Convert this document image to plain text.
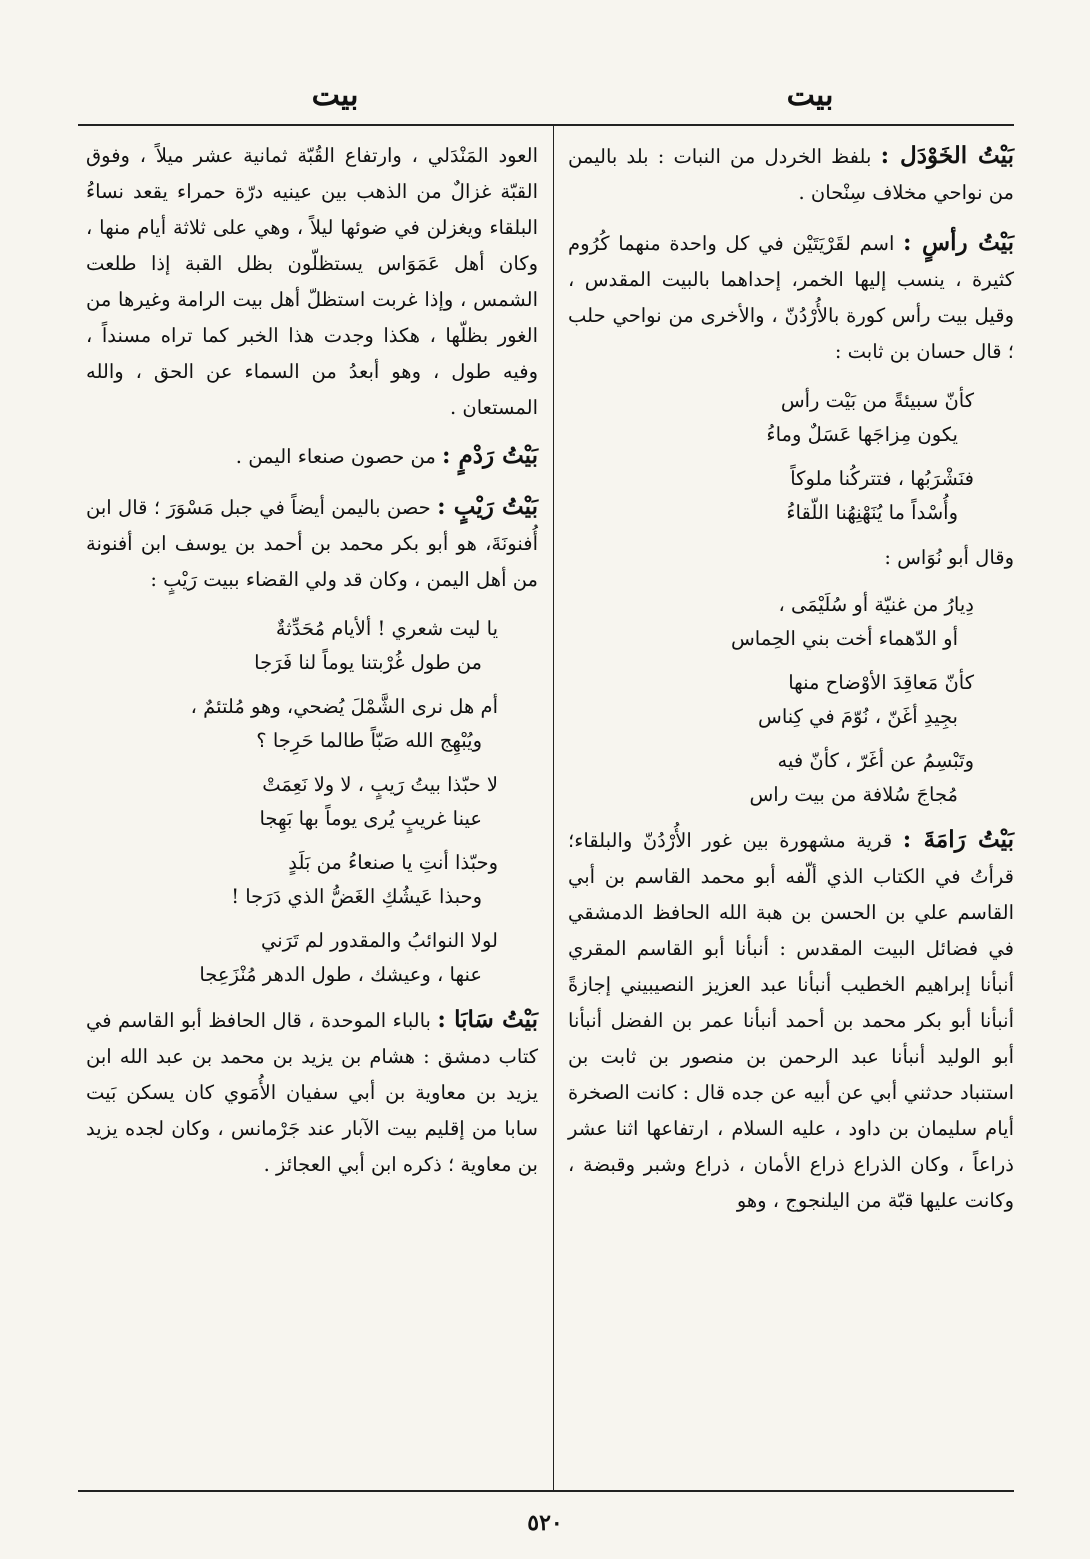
بيت
بيت

بَيْتُ الخَوْدَل : بلفظ الخردل من النبات : بلد باليمن من نواحي مخلاف سِنْحان .

بَيْتُ رأسٍ : اسم لقَرْيَتَيْن في كل واحدة منهما كُرُوم كثيرة ، ينسب إليها الخمر، إحداهما بالبيت المقدس ، وقيل بيت رأس كورة بالأُرْدُنّ ، والأخرى من نواحي حلب ؛ قال حسان بن ثابت :

كأنّ سبيئةً من بَيْت رأس
يكون مِزاجَها عَسَلٌ وماءُ
فنَشْرَبُها ، فتتركُنا ملوكاً
وأُسْداً ما يُنَهْنِهُنا اللّقاءُ
وقال أبو نُوَاس :
دِيارُ من غنيّة أو سُلَيْمَى ،
أو الدّهماء أخت بني الحِماس
كأنّ مَعاقِدَ الأوْضاح منها
بجِيدِ أغَنّ ، نُوّمَ في كِناس
وتَبْسِمُ عن أغَرّ ، كأنّ فيه
مُجاجَ سُلافة من بيت راس

بَيْتُ رَامَةَ : قرية مشهورة بين غور الأُرْدُنّ والبلقاء؛ قرأتُ في الكتاب الذي ألّفه أبو محمد القاسم بن أبي القاسم علي بن الحسن بن هبة الله الحافظ الدمشقي في فضائل البيت المقدس : أنبأنا أبو القاسم المقري أنبأنا إبراهيم الخطيب أنبأنا عبد العزيز النصيبيني إجازةً أنبأنا أبو بكر محمد بن أحمد أنبأنا عمر بن الفضل أنبأنا أبو الوليد أنبأنا عبد الرحمن بن منصور بن ثابت بن استنباد حدثني أبي عن أبيه عن جده قال : كانت الصخرة أيام سليمان بن داود ، عليه السلام ، ارتفاعها اثنا عشر ذراعاً ، وكان الذراع ذراع الأمان ، ذراع وشبر وقبضة ، وكانت عليها قبّة من اليلنجوج ، وهو

العود المَنْدَلي ، وارتفاع القُبّة ثمانية عشر ميلاً ، وفوق القبّة غزالٌ من الذهب بين عينيه درّة حمراء يقعد نساءُ البلقاء ويغزلن في ضوئها ليلاً ، وهي على ثلاثة أيام منها ، وكان أهل عَمَوَاس يستظلّون بظل القبة إذا طلعت الشمس ، وإذا غربت استظلّ أهل بيت الرامة وغيرها من الغور بظلّها ، هكذا وجدت هذا الخبر كما تراه مسنداً ، وفيه طول ، وهو أبعدُ من السماء عن الحق ، والله المستعان .

بَيْتُ رَدْمٍ : من حصون صنعاء اليمن .

بَيْتُ رَيْبٍ : حصن باليمن أيضاً في جبل مَسْوَرَ ؛ قال ابن أُفنونَةَ، هو أبو بكر محمد بن أحمد بن يوسف ابن أفنونة من أهل اليمن ، وكان قد ولي القضاء ببيت رَيْبٍ :

يا ليت شعري ! ألأيام مُحَدِّثةٌ
من طول غُرْبتنا يوماً لنا فَرَجا
أم هل نرى الشَّمْلَ يُضحي، وهو مُلتئمٌ ،
ويُبْهِج الله صَبّاً طالما حَرِجا ؟
لا حبّذا بيتُ رَيبٍ ، لا ولا نَعِمَتْ
عينا غريبٍ يُرى يوماً بها بَهِجا
وحبّذا أنتِ يا صنعاءُ من بَلَدٍ
وحبذا عَيشُكِ الغَضُّ الذي دَرَجا !
لولا النوائبُ والمقدور لم تَرَني
عنها ، وعيشك ، طول الدهر مُنْزَعِجا

بَيْتُ سَابَا : بالباء الموحدة ، قال الحافظ أبو القاسم في كتاب دمشق : هشام بن يزيد بن محمد بن عبد الله ابن يزيد بن معاوية بن أبي سفيان الأُمَوي كان يسكن بَيت سابا من إقليم بيت الآبار عند جَرْمانس ، وكان لجده يزيد بن معاوية ؛ ذكره ابن أبي العجائز .

٥٢٠
